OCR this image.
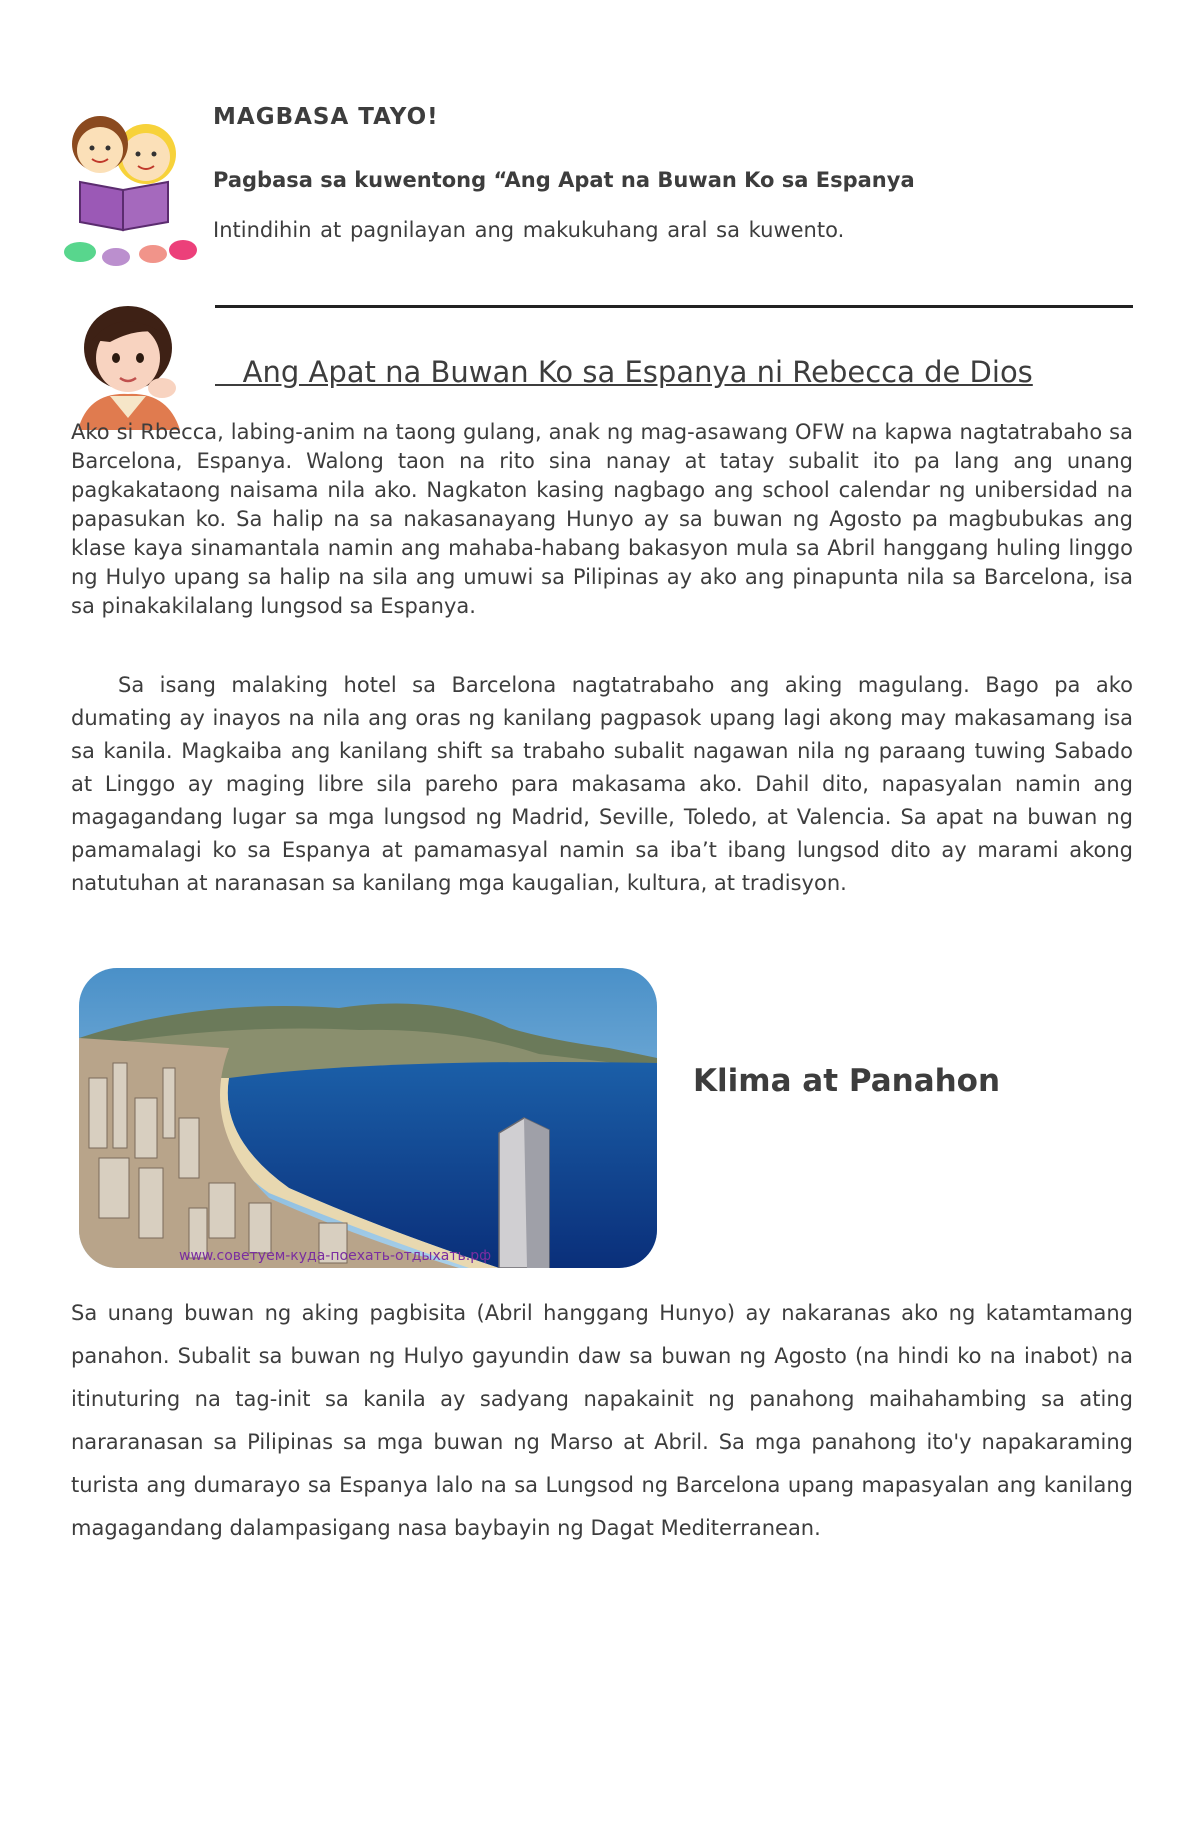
MAGBASA TAYO!

Pagbasa sa kuwentong “Ang Apat na Buwan Ko sa Espanya

Intindihin at pagnilayan ang makukuhang aral sa kuwento.

Ang Apat na Buwan Ko sa Espanya ni Rebecca de Dios

Ako si Rbecca, labing-anim na taong gulang, anak ng mag-asawang OFW na kapwa nagtatrabaho sa Barcelona, Espanya. Walong taon na rito sina nanay at tatay subalit ito pa lang ang unang pagkakataong naisama nila ako. Nagkaton kasing nagbago ang school calendar ng unibersidad na papasukan ko. Sa halip na sa nakasanayang Hunyo ay sa buwan ng Agosto pa magbubukas ang klase kaya sinamantala namin ang mahaba-habang bakasyon mula sa Abril hanggang huling linggo ng Hulyo upang sa halip na sila ang umuwi sa Pilipinas ay ako ang pinapunta nila sa Barcelona, isa sa pinakakilalang lungsod sa Espanya.

Sa isang malaking hotel sa Barcelona nagtatrabaho ang aking magulang. Bago pa ako dumating ay inayos na nila ang oras ng kanilang pagpasok upang lagi akong may makasamang isa sa kanila. Magkaiba ang kanilang shift sa trabaho subalit nagawan nila ng paraang tuwing Sabado at Linggo ay maging libre sila pareho para makasama ako. Dahil dito, napasyalan namin ang magagandang lugar sa mga lungsod ng Madrid, Seville, Toledo, at Valencia. Sa apat na buwan ng pamamalagi ko sa Espanya at pamamasyal namin sa iba’t ibang lungsod dito ay marami akong natutuhan at naranasan sa kanilang mga kaugalian, kultura, at tradisyon.

www.советуем-куда-поехать-отдыхать.рф
Klima at Panahon

Sa unang buwan ng aking pagbisita (Abril hanggang Hunyo) ay nakaranas ako ng katamtamang panahon. Subalit sa buwan ng Hulyo gayundin daw sa buwan ng Agosto (na hindi ko na inabot) na itinuturing na tag-init sa kanila ay sadyang napakainit ng panahong maihahambing sa ating nararanasan sa Pilipinas sa mga buwan ng Marso at Abril. Sa mga panahong ito'y napakaraming turista ang dumarayo sa Espanya lalo na sa Lungsod ng Barcelona upang mapasyalan ang kanilang magagandang dalampasigang nasa baybayin ng Dagat Mediterranean.
